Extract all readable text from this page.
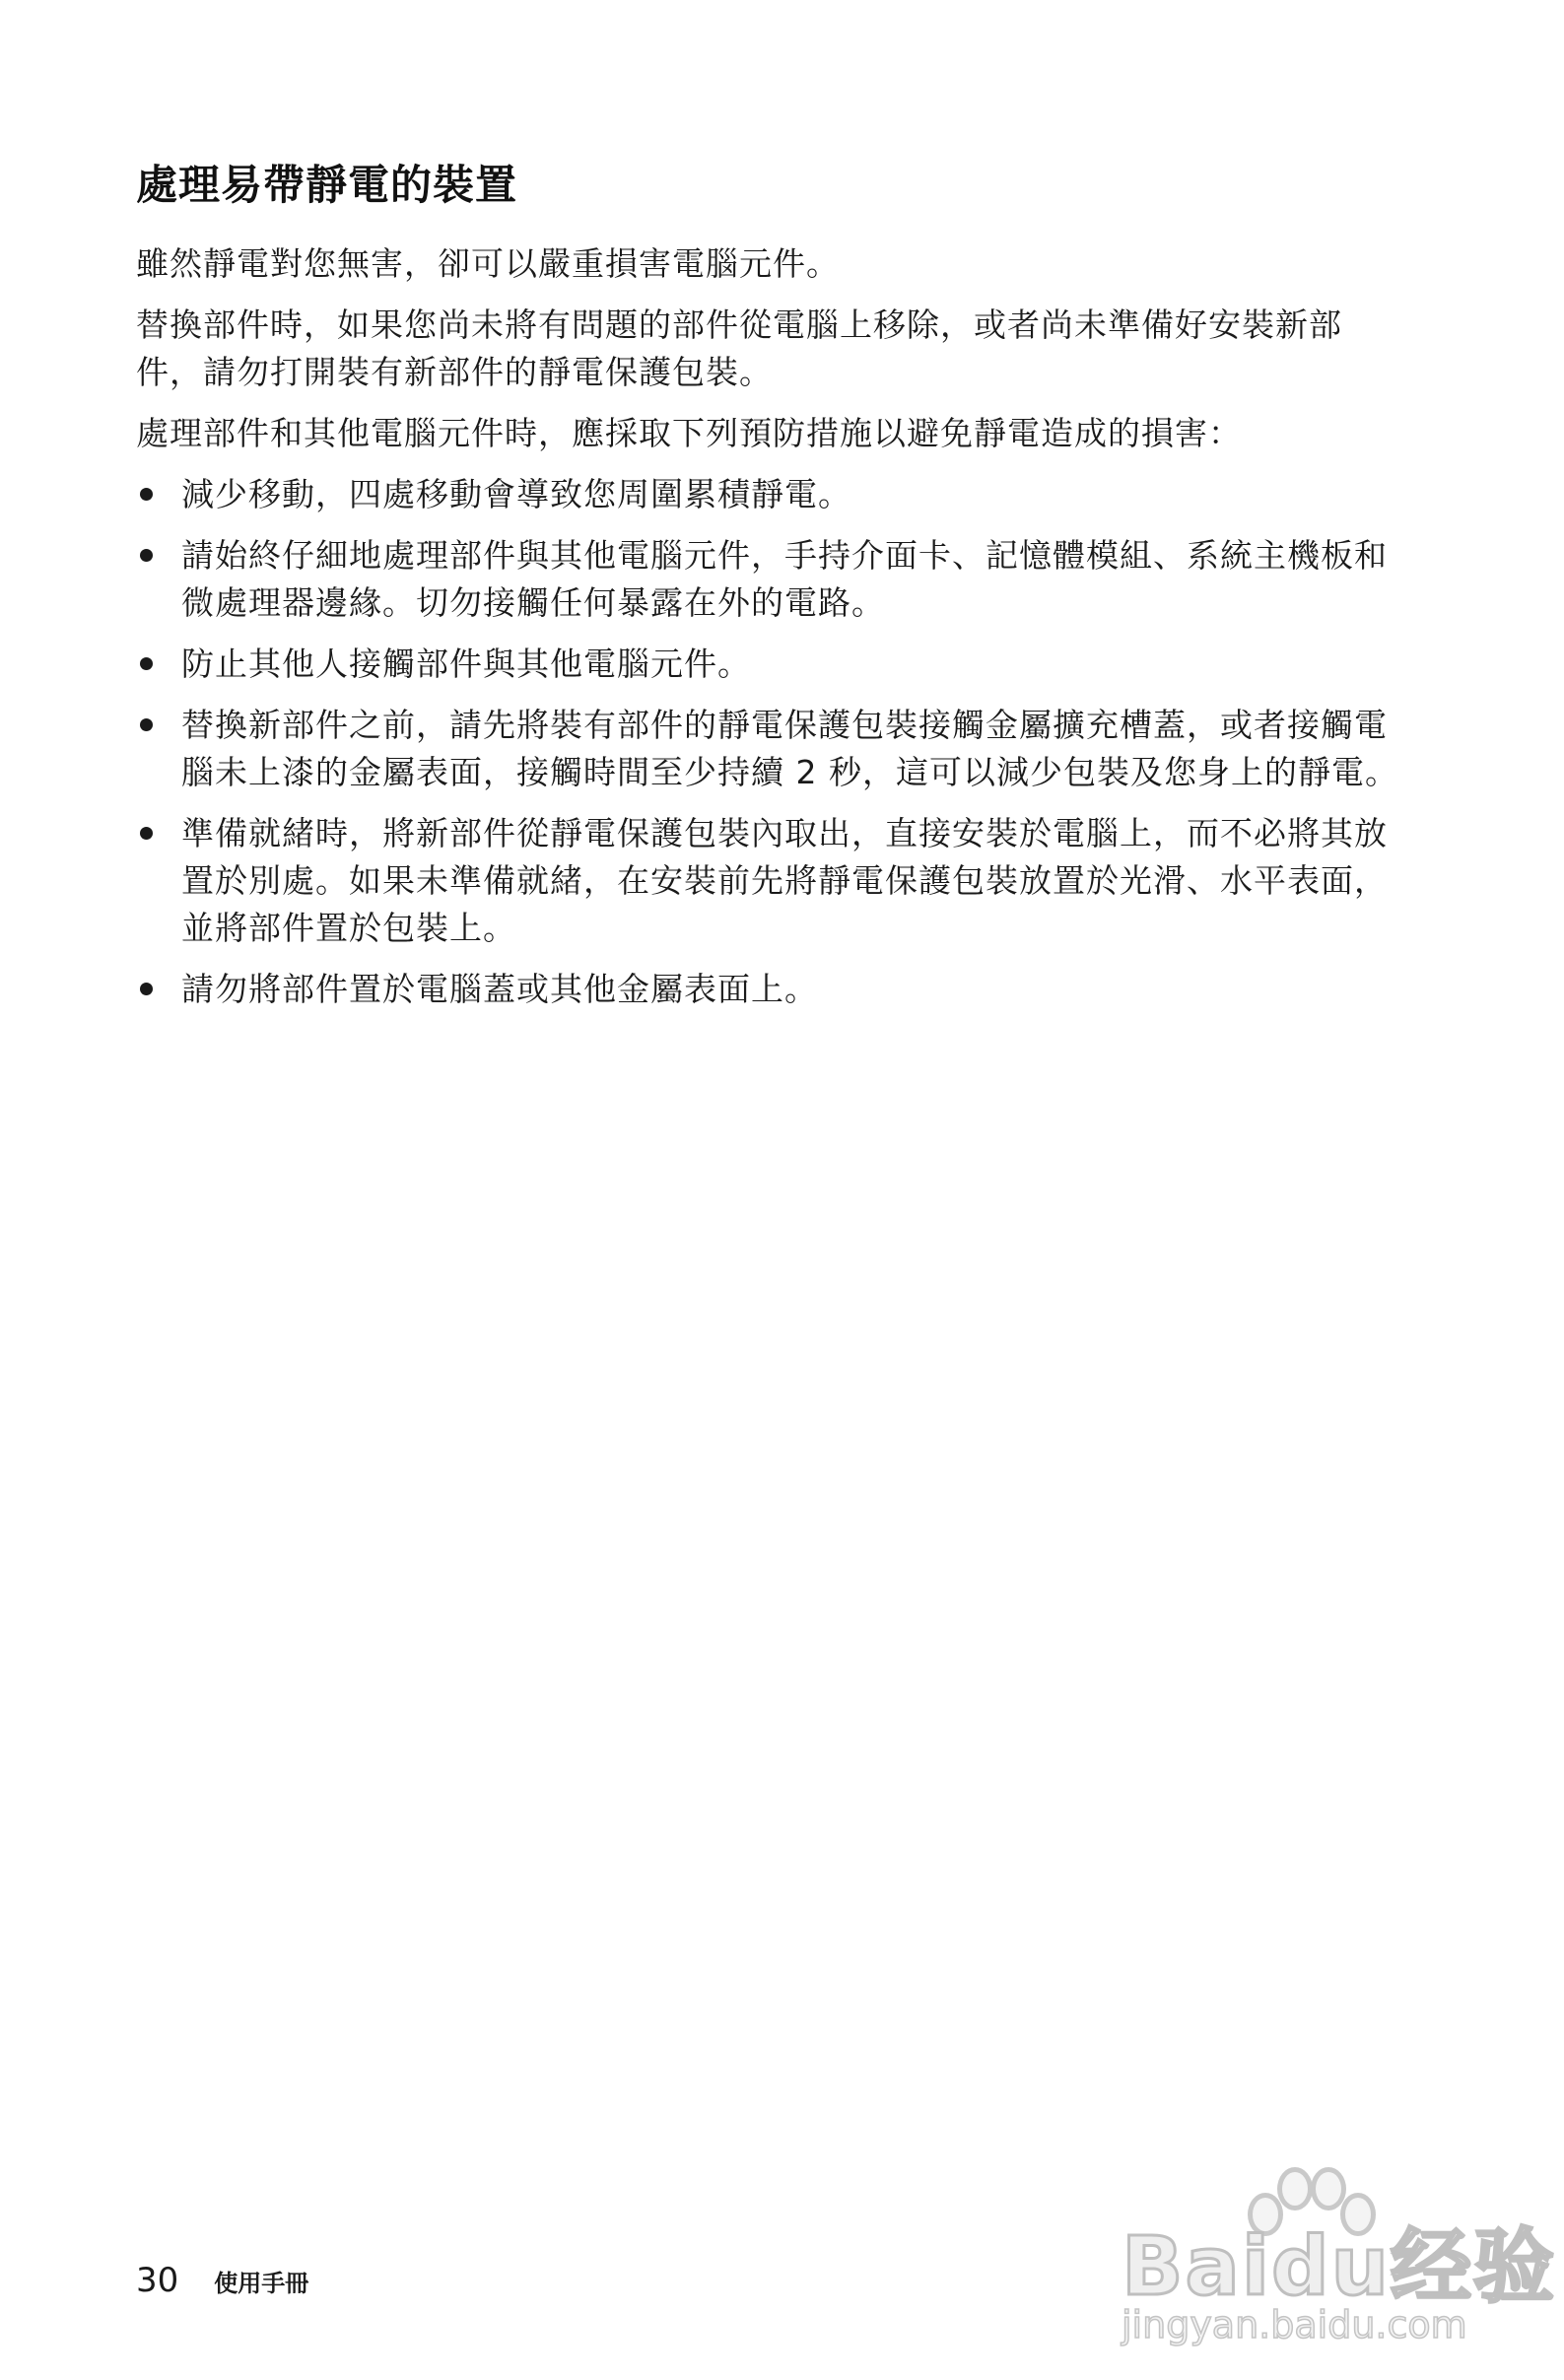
處理易帶靜電的裝置

雖然靜電對您無害，卻可以嚴重損害電腦元件。

替換部件時，如果您尚未將有問題的部件從電腦上移除，或者尚未準備好安裝新部件，請勿打開裝有新部件的靜電保護包裝。

處理部件和其他電腦元件時，應採取下列預防措施以避免靜電造成的損害：

減少移動，四處移動會導致您周圍累積靜電。
請始終仔細地處理部件與其他電腦元件，手持介面卡、記憶體模組、系統主機板和微處理器邊緣。切勿接觸任何暴露在外的電路。
防止其他人接觸部件與其他電腦元件。
替換新部件之前，請先將裝有部件的靜電保護包裝接觸金屬擴充槽蓋，或者接觸電腦未上漆的金屬表面，接觸時間至少持續 2 秒，這可以減少包裝及您身上的靜電。
準備就緒時，將新部件從靜電保護包裝內取出，直接安裝於電腦上，而不必將其放置於別處。如果未準備就緒，在安裝前先將靜電保護包裝放置於光滑、水平表面，並將部件置於包裝上。
請勿將部件置於電腦蓋或其他金屬表面上。
30 使用手冊	Baidu经验
jingyan.baidu.com
